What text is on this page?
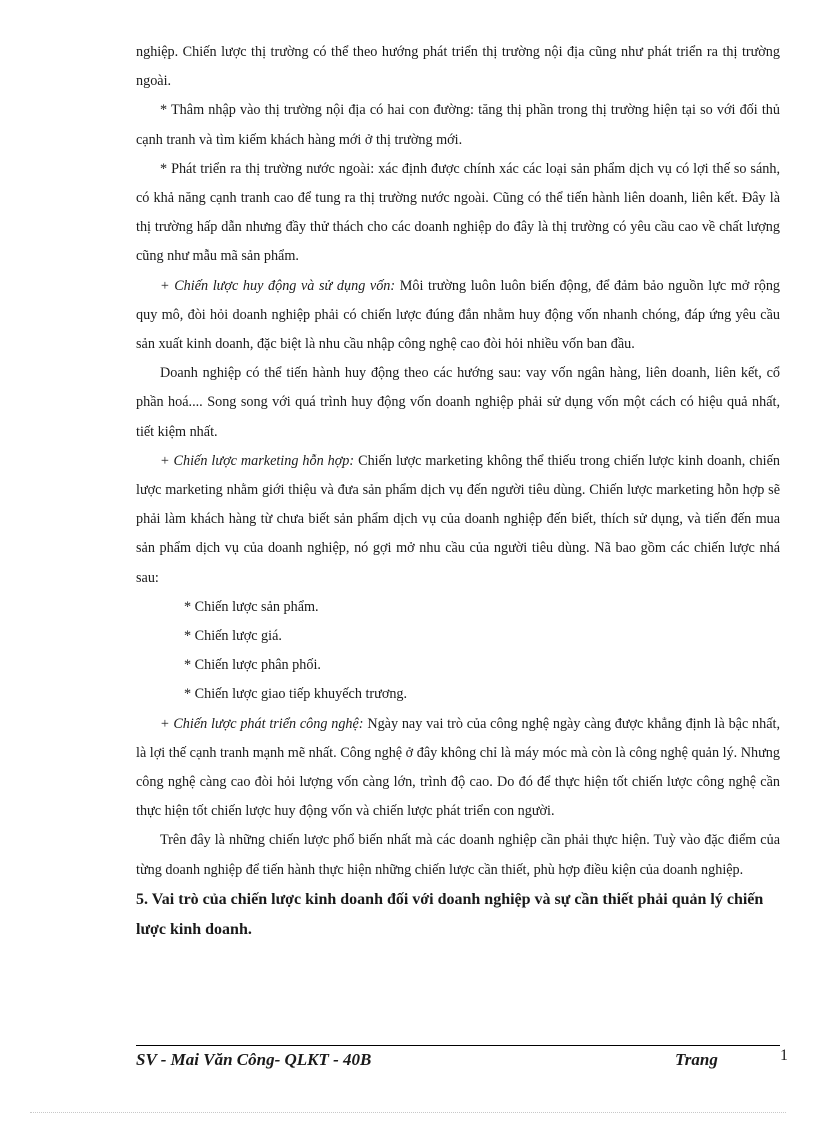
nghiệp. Chiến lược thị trường có thể theo hướng phát triển thị trường nội địa cũng như phát triển ra thị trường ngoài.

* Thâm nhập vào thị trường nội địa có hai con đường: tăng thị phần trong thị trường hiện tại so với đối thủ cạnh tranh và tìm kiếm khách hàng mới ở thị trường mới.

* Phát triển ra thị trường nước ngoài: xác định được chính xác các loại sản phẩm dịch vụ có lợi thế so sánh, có khả năng cạnh tranh cao để tung ra thị trường nước ngoài. Cũng có thể tiến hành liên doanh, liên kết. Đây là thị trường hấp dẫn nhưng đầy thử thách cho các doanh nghiệp do đây là thị trường có yêu cầu cao về chất lượng cũng như mẫu mã sản phẩm.

+ Chiến lược huy động và sử dụng vốn: Môi trường luôn luôn biến động, để đảm bảo nguồn lực mở rộng quy mô, đòi hỏi doanh nghiệp phải có chiến lược đúng đắn nhằm huy động vốn nhanh chóng, đáp ứng yêu cầu sản xuất kinh doanh, đặc biệt là nhu cầu nhập công nghệ cao đòi hỏi nhiều vốn ban đầu.

Doanh nghiệp có thể tiến hành huy động theo các hướng sau: vay vốn ngân hàng, liên doanh, liên kết, cổ phần hoá.... Song song với quá trình huy động vốn doanh nghiệp phải sử dụng vốn một cách có hiệu quả nhất, tiết kiệm nhất.

+ Chiến lược marketing hỗn hợp: Chiến lược marketing không thể thiếu trong chiến lược kinh doanh, chiến lược marketing nhằm giới thiệu và đưa sản phẩm dịch vụ đến người tiêu dùng. Chiến lược marketing hỗn hợp sẽ phải làm khách hàng từ chưa biết sản phẩm dịch vụ của doanh nghiệp đến biết, thích sử dụng, và tiến đến mua sản phẩm dịch vụ của doanh nghiệp, nó gợi mở nhu cầu của người tiêu dùng. Nã bao gồm các chiến lược nhá sau:

* Chiến lược sản phẩm.

* Chiến lược giá.

* Chiến lược phân phối.

* Chiến lược giao tiếp khuyếch trương.

+ Chiến lược phát triển công nghệ: Ngày nay vai trò của công nghệ ngày càng được khẳng định là bậc nhất, là lợi thế cạnh tranh mạnh mẽ nhất. Công nghệ ở đây không chỉ là máy móc mà còn là công nghệ quản lý. Nhưng công nghệ càng cao đòi hỏi lượng vốn càng lớn, trình độ cao. Do đó để thực hiện tốt chiến lược công nghệ cần thực hiện tốt chiến lược huy động vốn và chiến lược phát triển con người.

Trên đây là những chiến lược phổ biến nhất mà các doanh nghiệp cần phải thực hiện. Tuỳ vào đặc điểm của từng doanh nghiệp để tiến hành thực hiện những chiến lược cần thiết, phù hợp điều kiện của doanh nghiệp.

5. Vai trò của chiến lược kinh doanh đối với doanh nghiệp và sự cần thiết phải quản lý chiến lược kinh doanh.

SV - Mai Văn Công- QLKT - 40B	Trang	1
